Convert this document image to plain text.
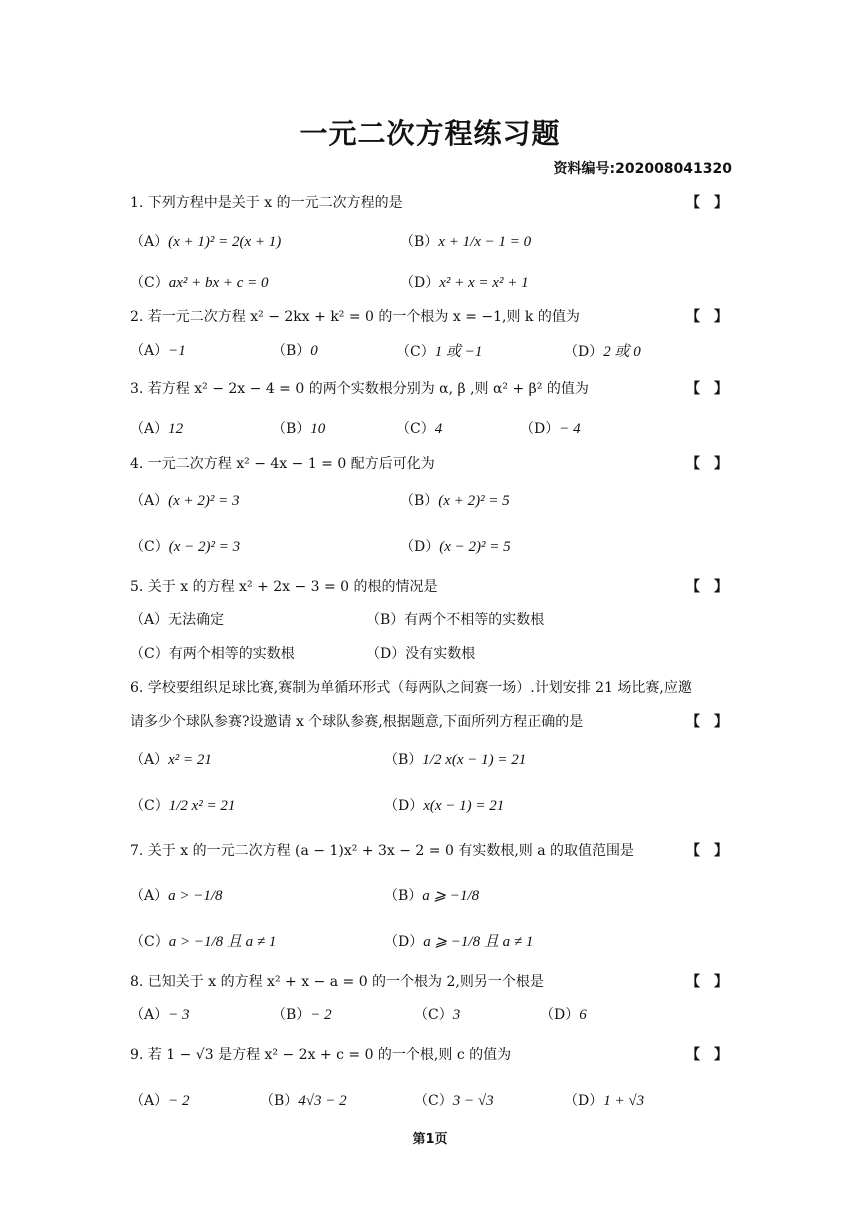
一元二次方程练习题
资料编号:202008041320
1. 下列方程中是关于 x 的一元二次方程的是	【　】
（A）(x + 1)² = 2(x + 1)	（B）x + 1/x − 1 = 0
（C）ax² + bx + c = 0	（D）x² + x = x² + 1
2. 若一元二次方程 x² − 2kx + k² = 0 的一个根为 x = −1,则 k 的值为	【　】
（A）−1	（B）0	（C）1 或 −1	（D）2 或 0
3. 若方程 x² − 2x − 4 = 0 的两个实数根分别为 α, β ,则 α² + β² 的值为	【　】
（A）12	（B）10	（C）4	（D）− 4
4. 一元二次方程 x² − 4x − 1 = 0 配方后可化为	【　】
（A）(x + 2)² = 3	（B）(x + 2)² = 5
（C）(x − 2)² = 3	（D）(x − 2)² = 5
5. 关于 x 的方程 x² + 2x − 3 = 0 的根的情况是	【　】
（A）无法确定	（B）有两个不相等的实数根
（C）有两个相等的实数根	（D）没有实数根
6. 学校要组织足球比赛,赛制为单循环形式（每两队之间赛一场）.计划安排 21 场比赛,应邀
请多少个球队参赛?设邀请 x 个球队参赛,根据题意,下面所列方程正确的是	【　】
（A）x² = 21	（B）1/2 x(x − 1) = 21
（C）1/2 x² = 21	（D）x(x − 1) = 21
7. 关于 x 的一元二次方程 (a − 1)x² + 3x − 2 = 0 有实数根,则 a 的取值范围是	【　】
（A）a > −1/8	（B）a ⩾ −1/8
（C）a > −1/8 且 a ≠ 1	（D）a ⩾ −1/8 且 a ≠ 1
8. 已知关于 x 的方程 x² + x − a = 0 的一个根为 2,则另一个根是	【　】
（A）− 3	（B）− 2	（C）3	（D）6
9. 若 1 − √3 是方程 x² − 2x + c = 0 的一个根,则 c 的值为	【　】
（A）− 2	（B）4√3 − 2	（C）3 − √3	（D）1 + √3
第1页
